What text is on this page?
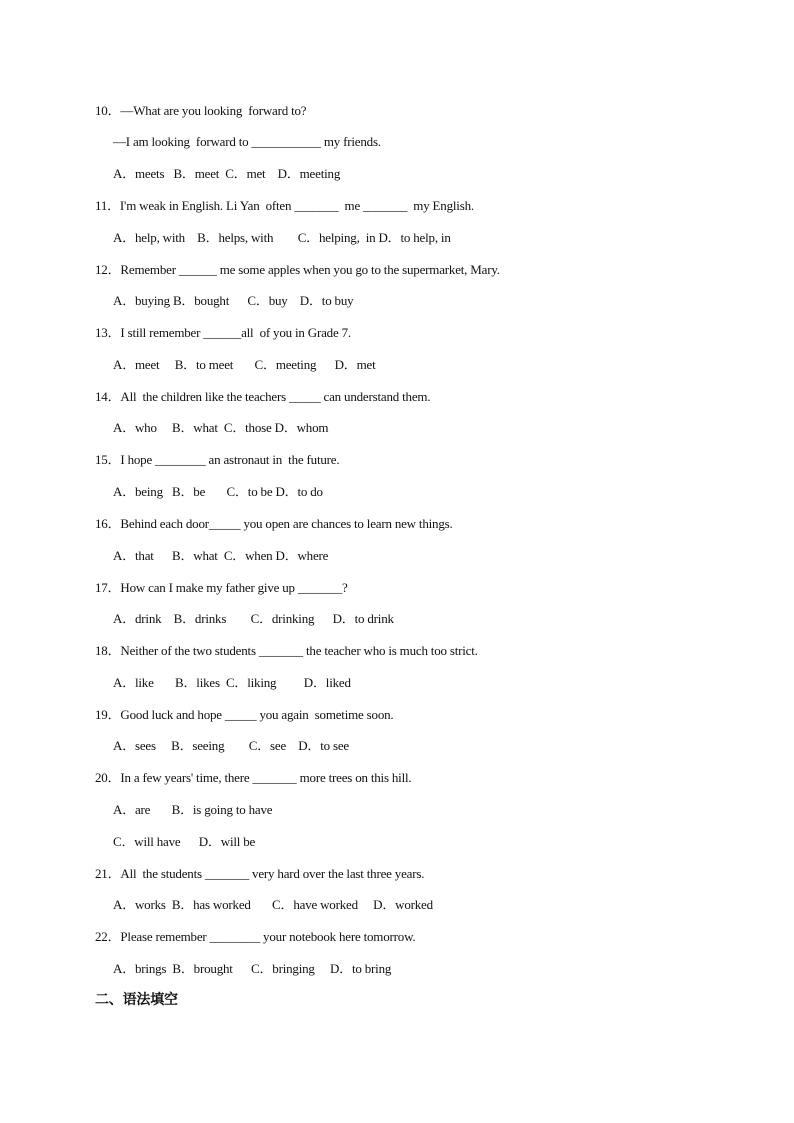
10．—What are you looking  forward to?
—I am looking  forward to ___________ my friends.
A．meets   B．meet  C．met    D．meeting
11．I'm weak in English. Li Yan  often _______  me _______  my English.
A．help, with    B．helps, with        C．helping,  in D．to help, in
12．Remember ______ me some apples when you go to the supermarket, Mary.
A．buying B．bought      C．buy    D．to buy
13．I still remember ______all  of you in Grade 7.
A．meet     B．to meet       C．meeting      D．met
14．All  the children like the teachers _____ can understand them.
A．who     B．what  C．those D．whom
15．I hope ________ an astronaut in  the future.
A．being   B．be       C．to be D．to do
16．Behind each door_____ you open are chances to learn new things.
A．that      B．what  C．when D．where
17．How can I make my father give up _______?
A．drink    B．drinks        C．drinking      D．to drink
18．Neither of the two students _______ the teacher who is much too strict.
A．like       B．likes  C．liking         D．liked
19．Good luck and hope _____ you again  sometime soon.
A．sees     B．seeing        C．see    D．to see
20．In a few years' time, there _______ more trees on this hill.
A．are       B．is going to have
C．will have      D．will be
21．All  the students _______ very hard over the last three years.
A．works  B．has worked       C．have worked     D．worked
22．Please remember ________ your notebook here tomorrow.
A．brings  B．brought      C．bringing     D．to bring
二、语法填空
